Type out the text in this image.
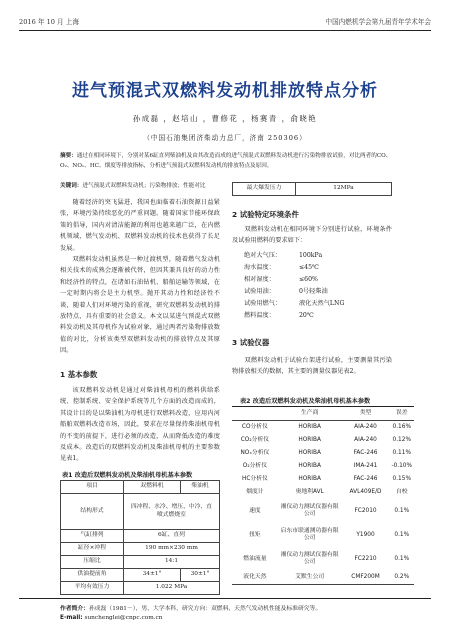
2016 年 10 月 上海	中国内燃机学会第九届青年学术年会
进气预混式双燃料发动机排放特点分析
孙成磊 ，赵培山 ，曹修花 ，杨赛青 ，俞晓艳
（中国石油集团济柴动力总厂，济南 250306）
摘要：通过在相同环境下，分别对某6缸直列柴油机及由其改造而成的进气预混式双燃料发动机进行污染物排放试验，对比两者的CO、O₂、NOₓ、HC、烟度等排放指标，分析进气预混式双燃料发动机的排放特点及原因。
关键词：进气预混式双燃料发动机；污染物排放；性能对比

随着经济的突飞猛进，我国也面临着石油资源日益紧张，环境污染持续恶化的严重问题。随着国家节能环保政策的倡导，国内对清洁能源的利用也越来越广泛，在内燃机领域，燃气发动机、双燃料发动机的技术也获得了长足发展。

双燃料发动机虽然是一种过渡机型，随着燃气发动机相关技术的成熟会逐渐被代替，但因其兼具良好的动力性和经济性的特点，在诸如石油钻机、船舶运输等领域，在一定时期内将会是主力机型。抛开其动力性和经济性不谈，随着人们对环境污染的重视，研究双燃料发动机的排放特点，具有重要的社会意义。本文以某进气预混式双燃料发动机及其母机作为试验对象，通过两者污染物排放数值的对比，分析该类型双燃料发动机的排放特点及其原因。

1 基本参数

该双燃料发动机是通过对柴油机母机的燃料供给系统、控制系统、安全保护系统等几个方面的改造而成的，其设计目的是以柴油机为母机进行双燃料改造，应用内河船舶双燃料改造市场，因此，要求在尽量保持柴油机母机的不变的前提下，进行必须的改造，从而降低改造的难度及成本。改造后的双燃料发动机及柴油机母机的主要参数见表1。

表1 改造后双燃料发动机及柴油机母机基本参数
项目	双燃料机	柴油机
结构形式	四冲程、水冷、增压、中冷、直喷式燃烧室	
气缸排列	6缸、直列	
缸径×冲程	190 mm×230 mm	
压缩比	14:1	
供油提前角	34±1°	30±1°
平均有效压力	1.022 MPa	
最大爆发压力	12MPa
2 试验特定环境条件

双燃料发动机在相同环境下分别进行试验，环境条件及试验用燃料的要求如下：

绝对大气压：	100kPa
海水温度：	≤45℃
相对湿度：	≤60%
试验用油：	0号轻柴油
试验用燃气：	液化天然气LNG
燃料温度：	20℃
3 试验仪器

双燃料发动机于试验台架进行试验，主要测量其污染物排放相关的数据，其主要的测量仪器见表2。

表2 改造后双燃料发动机及柴油机母机基本参数
	生产商	类型	误差
CO分析仪	HORIBA	AIA-240	0.16%
CO₂分析仪	HORIBA	AIA-240	0.12%
NOₓ分析仪	HORIBA	FAC-246	0.11%
O₂分析仪	HORIBA	IMA-241	-0.10%
HC分析仪	HORIBA	FAC-246	0.15%
烟度计	奥地利AVL	AVL409E/D	自校
速度	湘仪动力测试仪器有限公司	FC2010	0.1%
扭矩	启东市联通测功器有限公司	Y1900	0.1%
燃油流量	湘仪动力测试仪器有限公司	FC2210	0.1%
液化天然	艾默生公司	CMF200M	0.2%
作者简介：孙成磊（1981－），男，大学本科，研究方向：双燃料、天然气发动机性能及标准研究等。
E-mail: sunchenglei@cnpc.com.cn
